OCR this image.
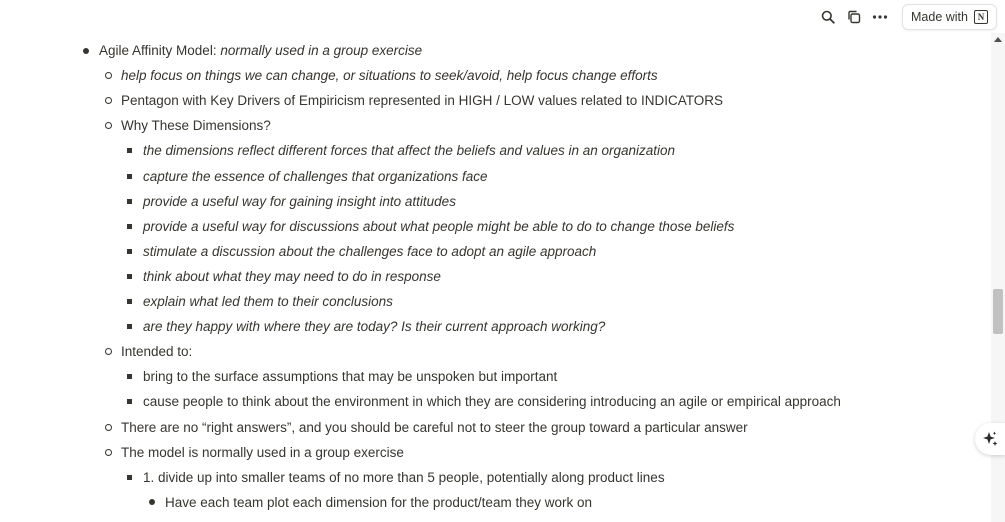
Made with	N
Agile Affinity Model: normally used in a group exercise
help focus on things we can change, or situations to seek/avoid, help focus change efforts
Pentagon with Key Drivers of Empiricism represented in HIGH / LOW values related to INDICATORS
Why These Dimensions?
the dimensions reflect different forces that affect the beliefs and values in an organization
capture the essence of challenges that organizations face
provide a useful way for gaining insight into attitudes
provide a useful way for discussions about what people might be able to do to change those beliefs
stimulate a discussion about the challenges face to adopt an agile approach
think about what they may need to do in response
explain what led them to their conclusions
are they happy with where they are today? Is their current approach working?
Intended to:
bring to the surface assumptions that may be unspoken but important
cause people to think about the environment in which they are considering introducing an agile or empirical approach
There are no “right answers”, and you should be careful not to steer the group toward a particular answer
The model is normally used in a group exercise
1. divide up into smaller teams of no more than 5 people, potentially along product lines
Have each team plot each dimension for the product/team they work on
